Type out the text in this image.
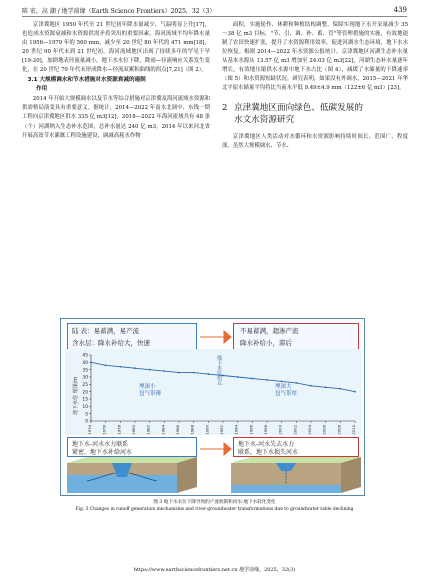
陈 宏，高 潮 / 地学前缘（Earth Science Frontiers）2025，32（3）	439

京津冀地区 1950 年代至 21 世纪初年降水量减少、气温明显上升[17]，也造成水资源衰减和水资源供需矛盾突出的重要因素，海河流域平均年降水量由 1956—1979 年的 560 mm，减少至 20 世纪 80 年代的 471 mm[18]，20 世纪 90 年代末到 21 世纪初，海河流域地区出现了持续多年的罕见干旱[19-20]，加剧地表径流量减小，地下水水位下降，降雨—径流响应关系发生变化，在 20 世纪 70 年代末形成降水—径流双累积曲线的拐点[7,21]（图 2）。

3.1 大规模调水和节水措施对水资源衰减的遏制

作用

2014 年开始大规模调水以及节水等综合措施对京津冀及海河流域水资源和供需格局演变具有重要意义。据统计，2014—2022 年南水北调中、东线一期工程向京津冀地区供水 335 亿 m3[12]，2018—2022 年海河流域共有 48 条（个）河湖纳入生态补水范围，总补水量达 240 亿 m3。2014 年以来河北省开展高效节水灌溉工程设施建设，调减高耗水作物

面积，实施轮作、休耕和种植结构调整，保障实现地下水开采量减少 35～38 亿 m3 目标，"节、引、调、补、蓄、管"等管理措施的实施，有效地遏制了农田快速扩张，提升了水资源利用效率，促进河湖水生态环境，地下水水位恢复。根据 2014—2022 年水资源公报统计，京津冀地区河湖生态补水量从基本水源从 13.57 亿 m3 增加至 24.03 亿 m3[22]，河湖生态补水量逐年增长，有效地压缩供水水源中地下水占比（图 4），减缓了水储量的下降速率（图 5）和水资源短缺状况。研究表明，如果没有外调水，2015—2021 年华北平原水储量平均将比当前水平低 9.49±4.9 mm（122±6 亿 m3）[23]。

2 京津冀地区面向绿色、低碳发展的
水文水资源研究

京津冀地区人类活动对水循环和水资源影响持续时间长、范围广、程度深，虽然大规模调水、节水、

陆 表：易蓄满，易产流
含水层：降水补给大，快速
不易蓄满，超渗产流
降水补给小，滞后
0
5
10
15
20
25
30
35
40
45
1974	1976	1978	1980	1982	1984	1986	1988	1990	1992	1994	1996	1998	2000	2002	2004	2006	2008	2010
地下水位 埋深/m	埋深小
包气带薄
埋深大
包气带厚
地下水位拐点
地下水-河水水力联系
紧密，地下水补给河水
地下水-河水失去水力
联系，地下水损失河水
图 3 地下水水位下降导致的产流机制和河水-地下水转化变化
Fig. 3 Changes in runoff generation mechanisms and river-groundwater transformations due to groundwater table declining
https://www.earthsciencefrontiers.net.cn 地学前缘，2025，32(3)
